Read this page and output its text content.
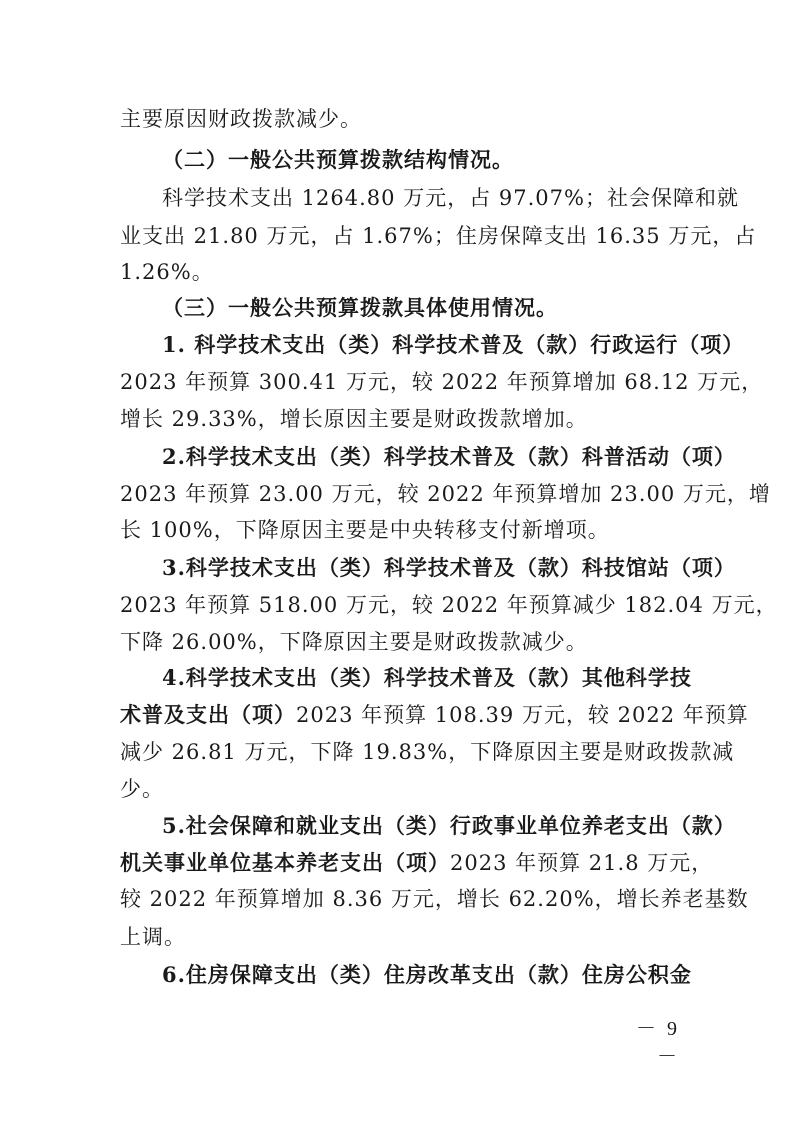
主要原因财政拨款减少。
（二）一般公共预算拨款结构情况。
科学技术支出 1264.80 万元，占 97.07%；社会保障和就
业支出 21.80 万元，占 1.67%；住房保障支出 16.35 万元，占
1.26%。
（三）一般公共预算拨款具体使用情况。
1. 科学技术支出（类）科学技术普及（款）行政运行（项）
2023 年预算 300.41 万元，较 2022 年预算增加 68.12 万元，
增长 29.33%，增长原因主要是财政拨款增加。
2.科学技术支出（类）科学技术普及（款）科普活动（项）
2023 年预算 23.00 万元，较 2022 年预算增加 23.00 万元，增
长 100%，下降原因主要是中央转移支付新增项。
3.科学技术支出（类）科学技术普及（款）科技馆站（项）
2023 年预算 518.00 万元，较 2022 年预算减少 182.04 万元，
下降 26.00%，下降原因主要是财政拨款减少。
4.科学技术支出（类）科学技术普及（款）其他科学技
术普及支出（项）2023 年预算 108.39 万元，较 2022 年预算
减少 26.81 万元，下降 19.83%，下降原因主要是财政拨款减
少。
5.社会保障和就业支出（类）行政事业单位养老支出（款）
机关事业单位基本养老支出（项）2023 年预算 21.8 万元，
较 2022 年预算增加 8.36 万元，增长 62.20%，增长养老基数
上调。
6.住房保障支出（类）住房改革支出（款）住房公积金
－ 9 －
